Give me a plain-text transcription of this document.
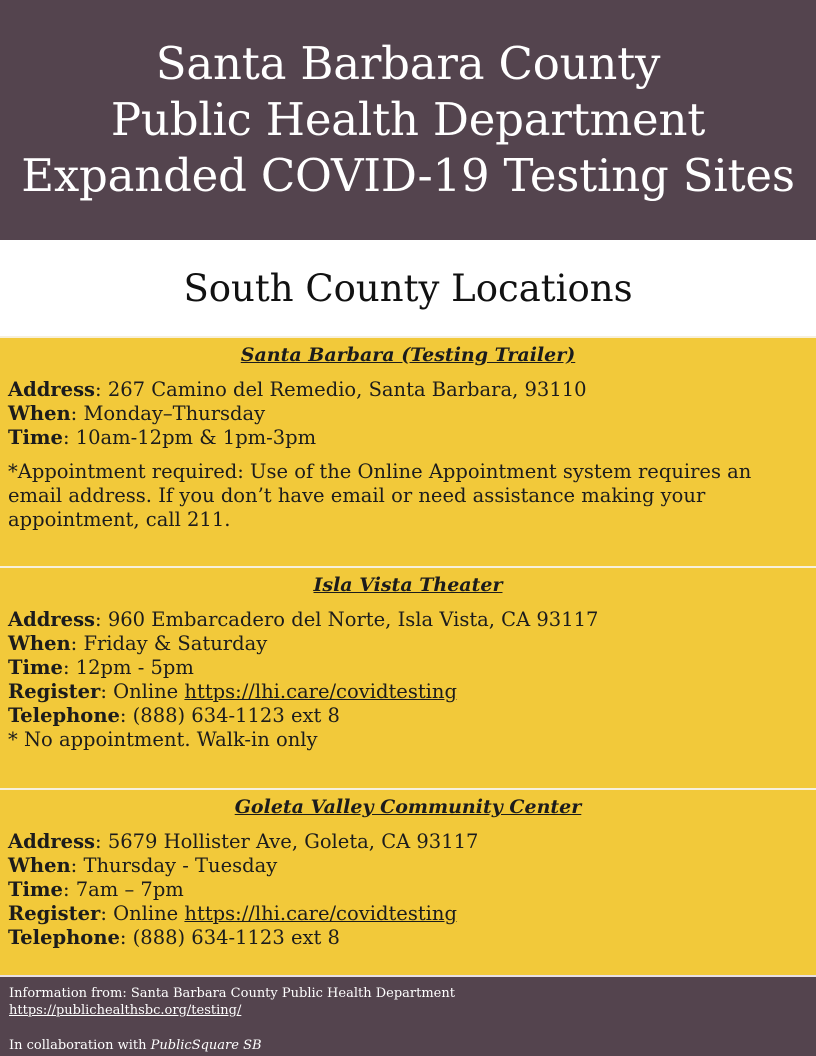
Santa Barbara County
Public Health Department
Expanded COVID-19 Testing Sites
South County Locations
Santa Barbara (Testing Trailer)
Address: 267 Camino del Remedio, Santa Barbara, 93110
When: Monday–Thursday
Time: 10am-12pm & 1pm-3pm
*Appointment required: Use of the Online Appointment system requires an email address. If you don’t have email or need assistance making your appointment, call 211.
Isla Vista Theater
Address: 960 Embarcadero del Norte, Isla Vista, CA 93117
When: Friday & Saturday
Time: 12pm - 5pm
Register: Online https://lhi.care/covidtesting
Telephone: (888) 634-1123 ext 8
* No appointment. Walk-in only
Goleta Valley Community Center
Address: 5679 Hollister Ave, Goleta, CA 93117
When: Thursday - Tuesday
Time: 7am – 7pm
Register: Online https://lhi.care/covidtesting
Telephone: (888) 634-1123 ext 8
Information from: Santa Barbara County Public Health Department
https://publichealthsbc.org/testing/
In collaboration with PublicSquare SB
